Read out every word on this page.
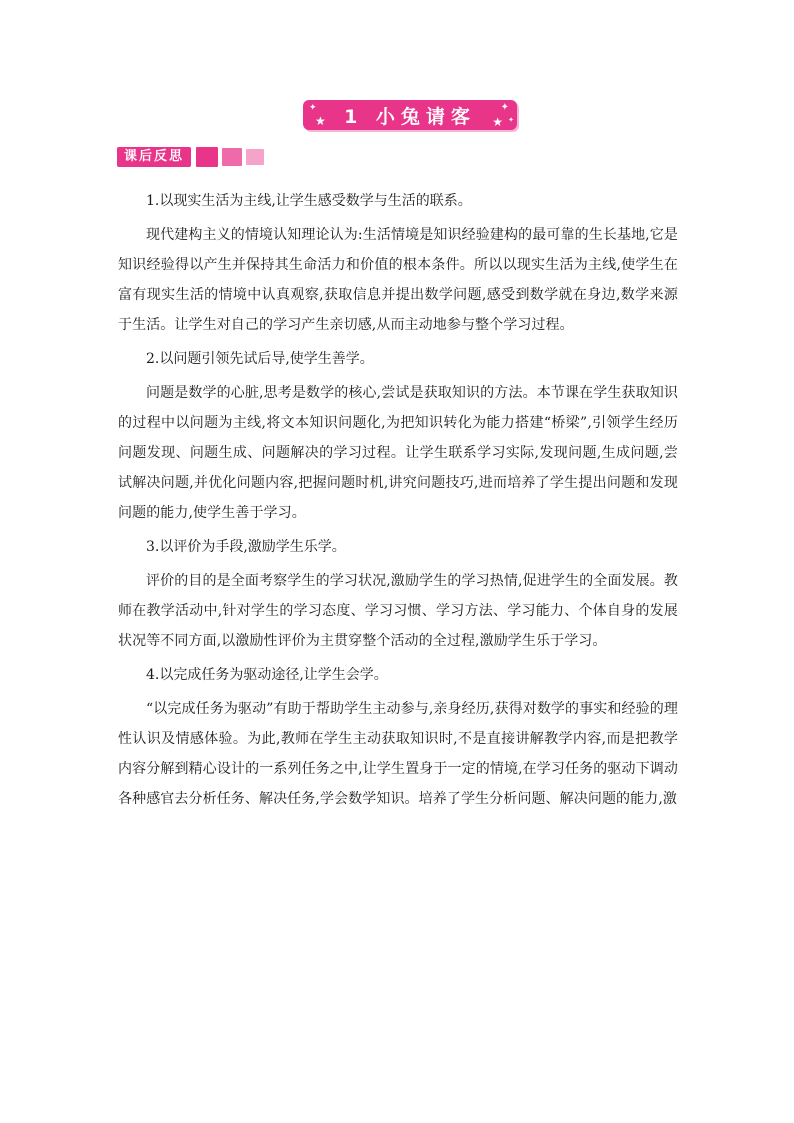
✦
★ 1 小兔请客 ✦
★ ✦
课后反思

1.以现实生活为主线,让学生感受数学与生活的联系。

现代建构主义的情境认知理论认为:生活情境是知识经验建构的最可靠的生长基地,它是知识经验得以产生并保持其生命活力和价值的根本条件。所以以现实生活为主线,使学生在富有现实生活的情境中认真观察,获取信息并提出数学问题,感受到数学就在身边,数学来源于生活。让学生对自己的学习产生亲切感,从而主动地参与整个学习过程。

2.以问题引领先试后导,使学生善学。

问题是数学的心脏,思考是数学的核心,尝试是获取知识的方法。本节课在学生获取知识的过程中以问题为主线,将文本知识问题化,为把知识转化为能力搭建“桥梁”,引领学生经历问题发现、问题生成、问题解决的学习过程。让学生联系学习实际,发现问题,生成问题,尝试解决问题,并优化问题内容,把握问题时机,讲究问题技巧,进而培养了学生提出问题和发现问题的能力,使学生善于学习。

3.以评价为手段,激励学生乐学。

评价的目的是全面考察学生的学习状况,激励学生的学习热情,促进学生的全面发展。教师在教学活动中,针对学生的学习态度、学习习惯、学习方法、学习能力、个体自身的发展状况等不同方面,以激励性评价为主贯穿整个活动的全过程,激励学生乐于学习。

4.以完成任务为驱动途径,让学生会学。

“以完成任务为驱动”有助于帮助学生主动参与,亲身经历,获得对数学的事实和经验的理性认识及情感体验。为此,教师在学生主动获取知识时,不是直接讲解教学内容,而是把教学内容分解到精心设计的一系列任务之中,让学生置身于一定的情境,在学习任务的驱动下调动各种感官去分析任务、解决任务,学会数学知识。培养了学生分析问题、解决问题的能力,激
